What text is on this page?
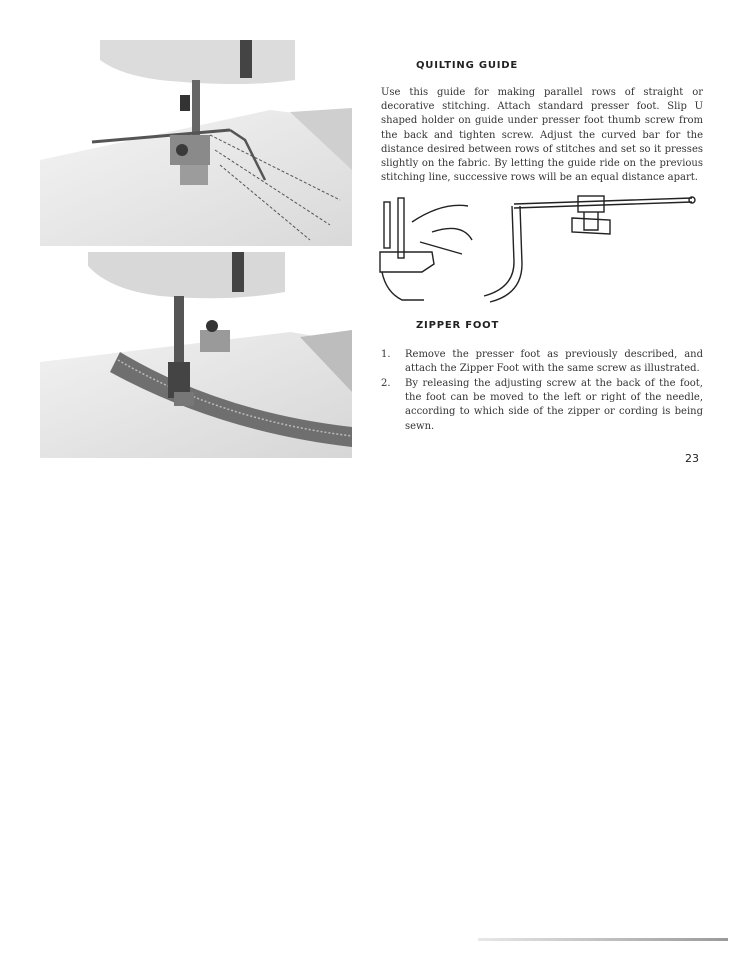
QUILTING GUIDE

Use this guide for making parallel rows of straight or decorative stitching. Attach standard presser foot. Slip U shaped holder on guide under presser foot thumb screw from the back and tighten screw. Adjust the curved bar for the distance desired between rows of stitches and set so it presses slightly on the fabric. By letting the guide ride on the previous stitching line, successive rows will be an equal distance apart.

ZIPPER FOOT
1.	Remove the presser foot as previously described, and attach the Zipper Foot with the same screw as illustrated.
2.	By releasing the adjusting screw at the back of the foot, the foot can be moved to the left or right of the needle, according to which side of the zipper or cording is being sewn.
23
